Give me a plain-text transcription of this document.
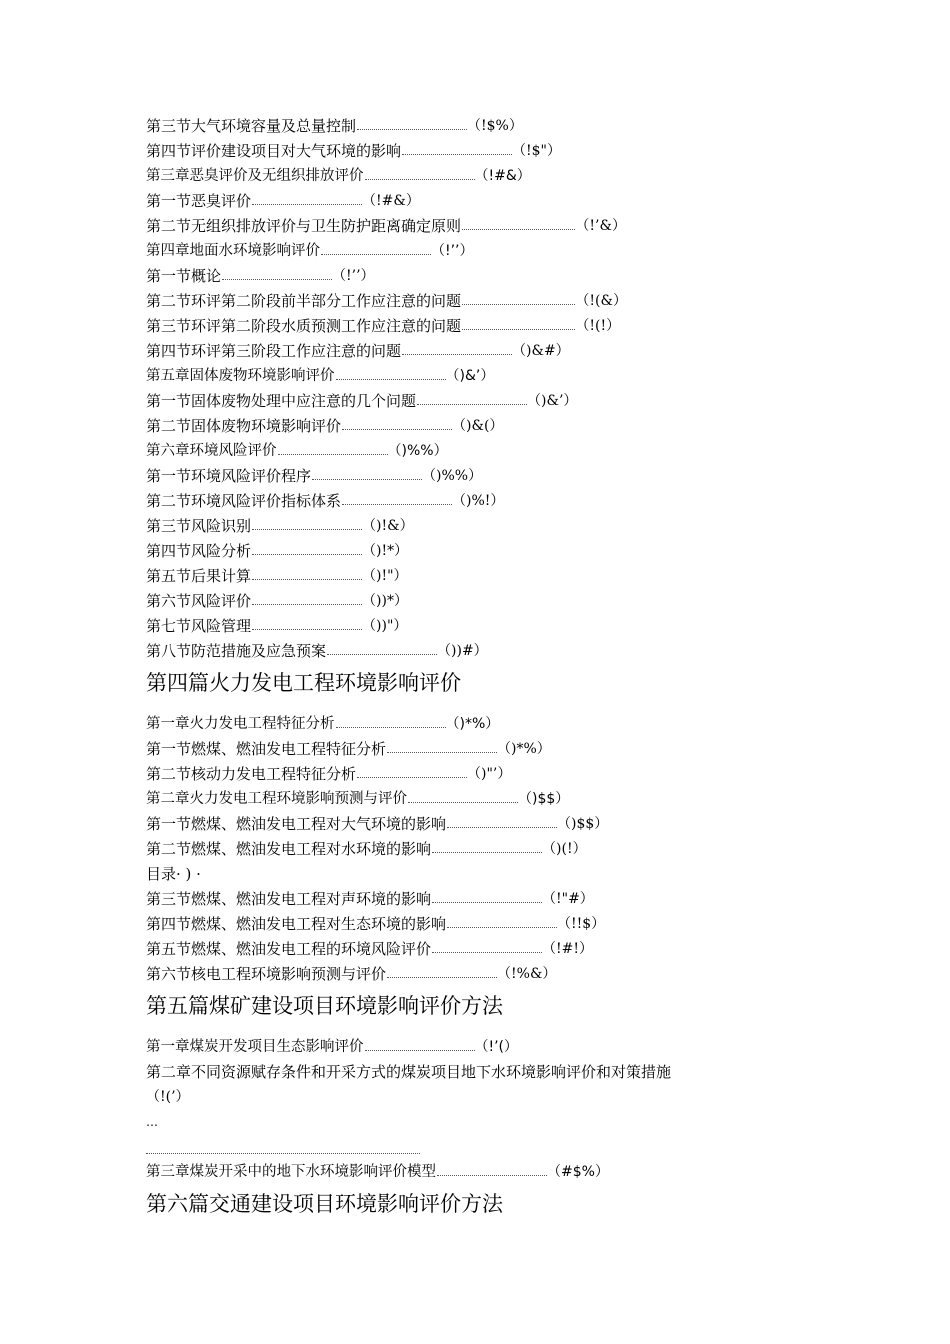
第三节大气环境容量及总量控制	（!$%）
第四节评价建设项目对大气环境的影响	（!$"）
第三章恶臭评价及无组织排放评价	（!#&）
第一节恶臭评价	（!#&）
第二节无组织排放评价与卫生防护距离确定原则	（!’&）
第四章地面水环境影响评价	（!’’）
第一节概论	（!’’）
第二节环评第二阶段前半部分工作应注意的问题	（!(&）
第三节环评第二阶段水质预测工作应注意的问题	（!(!）
第四节环评第三阶段工作应注意的问题	（)&#）
第五章固体废物环境影响评价	（)&’）
第一节固体废物处理中应注意的几个问题	（)&’）
第二节固体废物环境影响评价	（)&(）
第六章环境风险评价	（)%%）
第一节环境风险评价程序	（)%%）
第二节环境风险评价指标体系	（)%!）
第三节风险识别	（)!&）
第四节风险分析	（)!*）
第五节后果计算	（)!"）
第六节风险评价	（))*）
第七节风险管理	（))"）
第八节防范措施及应急预案	（))#）
第四篇火力发电工程环境影响评价
第一章火力发电工程特征分析	（)*%）
第一节燃煤、燃油发电工程特征分析	（)*%）
第二节核动力发电工程特征分析	（)"’）
第二章火力发电工程环境影响预测与评价	（)$$）
第一节燃煤、燃油发电工程对大气环境的影响	（)$$）
第二节燃煤、燃油发电工程对水环境的影响	（)(!）
目录· ) ·
第三节燃煤、燃油发电工程对声环境的影响	（!"#）
第四节燃煤、燃油发电工程对生态环境的影响	（!!$）
第五节燃煤、燃油发电工程的环境风险评价	（!#!）
第六节核电工程环境影响预测与评价	（!%&）
第五篇煤矿建设项目环境影响评价方法
第一章煤炭开发项目生态影响评价	（!’(）
第二章不同资源赋存条件和开采方式的煤炭项目地下水环境影响评价和对策措施
（!(’）
…
第三章煤炭开采中的地下水环境影响评价模型	（#$%）
第六篇交通建设项目环境影响评价方法
